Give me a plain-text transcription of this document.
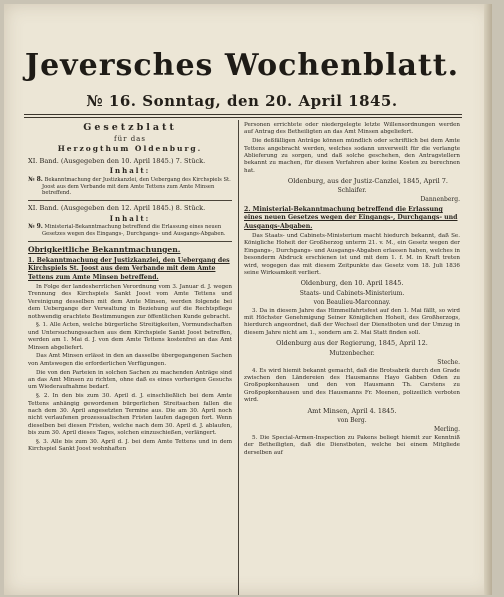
Jeversches Wochenblatt.
№ 16. Sonntag, den 20. April 1845.
Gesetzblatt
für das
Herzogthum Oldenburg.
XI. Band. (Ausgegeben den 10. April 1845.) 7. Stück.
Inhalt:
№ 8. Bekanntmachung der Justizkanzlei, den Uebergang des Kirchspiels St. Joost aus dem Verbande mit dem Amte Tettens zum Amte Minsen betreffend.
XI. Band. (Ausgegeben den 12. April 1845.) 8. Stück.
Inhalt:
№ 9. Ministerial-Bekanntmachung betreffend die Erlassung eines neuen Gesetzes wegen des Eingangs-, Durchgangs- und Ausgangs-Abgaben.
Obrigkeitliche Bekanntmachungen.
1. Bekanntmachung der Justizkanzlei, den Uebergang des Kirchspiels St. Joost aus dem Verbande mit dem Amte Tettens zum Amte Minsen betreffend.

In Folge der landesherrlichen Verordnung vom 3. Januar d. J. wegen Trennung des Kirchspiels Sankt Joost vom Amte Tettens und Vereinigung desselben mit dem Amte Minsen, werden folgende bei dem Uebergange der Verwaltung in Beziehung auf die Rechtspflege nothwendig erachtete Bestimmungen zur öffentlichen Kunde gebracht.

§. 1. Alle Acten, welche bürgerliche Streitigkeiten, Vormundschaften und Untersuchungssachen aus dem Kirchspiele Sankt Joost betreffen, werden am 1. Mai d. J. von dem Amte Tettens kostenfrei an das Amt Minsen abgeliefert.

Das Amt Minsen erlässt in den an dasselbe übergegangenen Sachen von Amtswegen die erforderlichen Verfügungen.

Die von den Parteien in solchen Sachen zu machenden Anträge sind an das Amt Minsen zu richten, ohne daß es eines vorherigen Gesuchs um Wiederaufnahme bedarf.

§. 2. In den bis zum 30. April d. J. einschließlich bei dem Amte Tettens anhängig gewordenen bürgerlichen Streitsachen fallen die nach dem 30. April angesetzten Termine aus. Die am 30. April noch nicht verlaufenen prozessualischen Fristen laufen dagegen fort. Wenn dieselben bei diesen Fristen, welche nach dem 30. April d. J. ablaufen, bis zum 30. April dieses Tages, solchen einzuschießen, verlängert.

§. 3. Alle bis zum 30. April d. J. bei dem Amte Tettens und in dem Kirchspiel Sankt Joost wohnhaften

Personen errichtete oder niedergelegte letzte Willensordnungen werden auf Antrag des Betheiligten an das Amt Minsen abgeliefert.

Die deßfälligen Anträge können mündlich oder schriftlich bei dem Amte Tettens angebracht werden, welches sodann unverweilt für die verlangte Ablieferung zu sorgen, und daß solche geschehen, den Antragstellern bekannt zu machen, für diesen Verfahren aber keine Kosten zu berechnen hat.

Oldenburg, aus der Justiz-Canzlei, 1845, April 7.
Schlaifer.
Dannenberg.
2. Ministerial-Bekanntmachung betreffend die Erlassung eines neuen Gesetzes wegen der Eingangs-, Durchgangs- und Ausgangs-Abgaben.

Das Staats- und Cabinets-Ministerium macht hiedurch bekannt, daß Se. Königliche Hoheit der Großherzog unterm 21. v. M., ein Gesetz wegen der Eingangs-, Durchgangs- und Ausgangs-Abgaben erlassen haben, welches in besonderm Abdruck erschienen ist und mit dem 1. f. M. in Kraft treten wird, wogegen das mit diesem Zeitpunkte das Gesetz vom 18. Juli 1836 seine Wirksamkeit verliert.

Oldenburg, den 10. April 1845.
Staats- und Cabinets-Ministerium.
von Beaulieu-Marconnay.

3. Da in diesem Jahre das Himmelfahrtsfest auf den 1. Mai fällt, so wird mit Höchster Genehmigung Seiner Königlichen Hoheit, des Großherzogs, hierdurch angeordnet, daß der Wechsel der Dienstboten und der Umzug in diesem Jahre nicht am 1., sondern am 2. Mai Statt finden soll.

Oldenburg aus der Regierung, 1845, April 12.
Mutzenbecher.
Steche.

4. Es wird hiemit bekannt gemacht, daß die Brotsabrik durch den Grade zwischen den Ländereien des Hausmanns Hayo Gabben Oden zu Großpopkenhausen und den von Hausmann Th. Carstens zu Großpopkenhausen und des Hausmanns Fr. Meenen, polizeilich verboten wird.

Amt Minsen, April 4. 1845.
von Berg.
Merling.

5. Die Special-Armen-Inspection zu Pakens beliegt hiemit zur Kenntniß der Betheiligten, daß die Dienstboten, welche bei einem Mitgliede derselben auf
